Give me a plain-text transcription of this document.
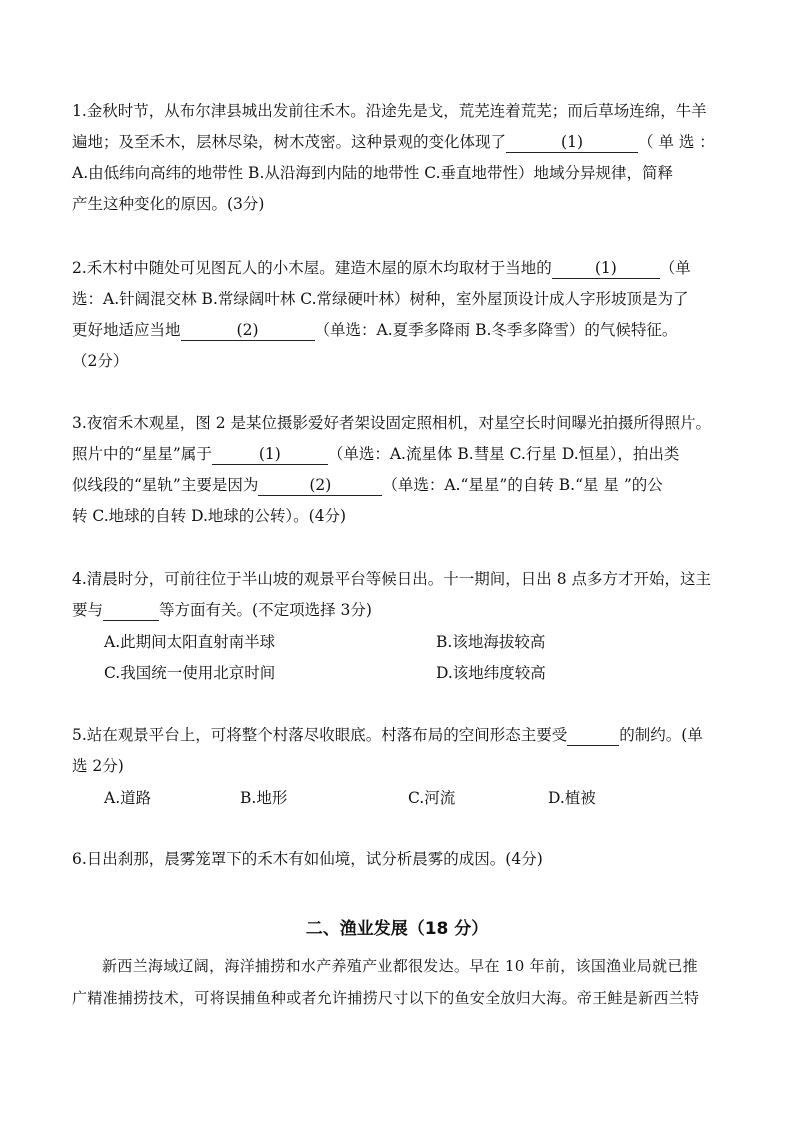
1.金秋时节，从布尔津县城出发前往禾木。沿途先是戈，荒芜连着荒芜；而后草场连绵，牛羊
遍地；及至禾木，层林尽染，树木茂密。这种景观的变化体现了	(1)	（ 单 选 ：
A.由低纬向高纬的地带性 B.从沿海到内陆的地带性 C.垂直地带性）地域分异规律，简释
产生这种变化的原因。(3分)
2.禾木村中随处可见图瓦人的小木屋。建造木屋的原木均取材于当地的	(1)	（单
选：A.针阔混交林 B.常绿阔叶林 C.常绿硬叶林）树种，室外屋顶设计成人字形坡顶是为了
更好地适应当地	(2)	（单选：A.夏季多降雨 B.冬季多降雪）的气候特征。
（2分）
3.夜宿禾木观星，图 2 是某位摄影爱好者架设固定照相机，对星空长时间曝光拍摄所得照片。
照片中的“星星”属于	(1)	（单选：A.流星体 B.彗星 C.行星 D.恒星），拍出类
似线段的“星轨”主要是因为	(2)	（单选：A.“星星”的自转 B.“星 星 ”的公
转 C.地球的自转 D.地球的公转）。(4分)
4.清晨时分，可前往位于半山坡的观景平台等候日出。十一期间，日出 8 点多方才开始，这主
要与	等方面有关。(不定项选择 3分)
A.此期间太阳直射南半球	B.该地海拔较高
C.我国统一使用北京时间	D.该地纬度较高
5.站在观景平台上，可将整个村落尽收眼底。村落布局的空间形态主要受	的制约。(单
选 2分)
A.道路	B.地形	C.河流	D.植被
6.日出刹那，晨雾笼罩下的禾木有如仙境，试分析晨雾的成因。(4分)
二、渔业发展（18 分）
新西兰海域辽阔，海洋捕捞和水产养殖产业都很发达。早在 10 年前，该国渔业局就已推
广精准捕捞技术，可将误捕鱼种或者允许捕捞尺寸以下的鱼安全放归大海。帝王鲑是新西兰特
